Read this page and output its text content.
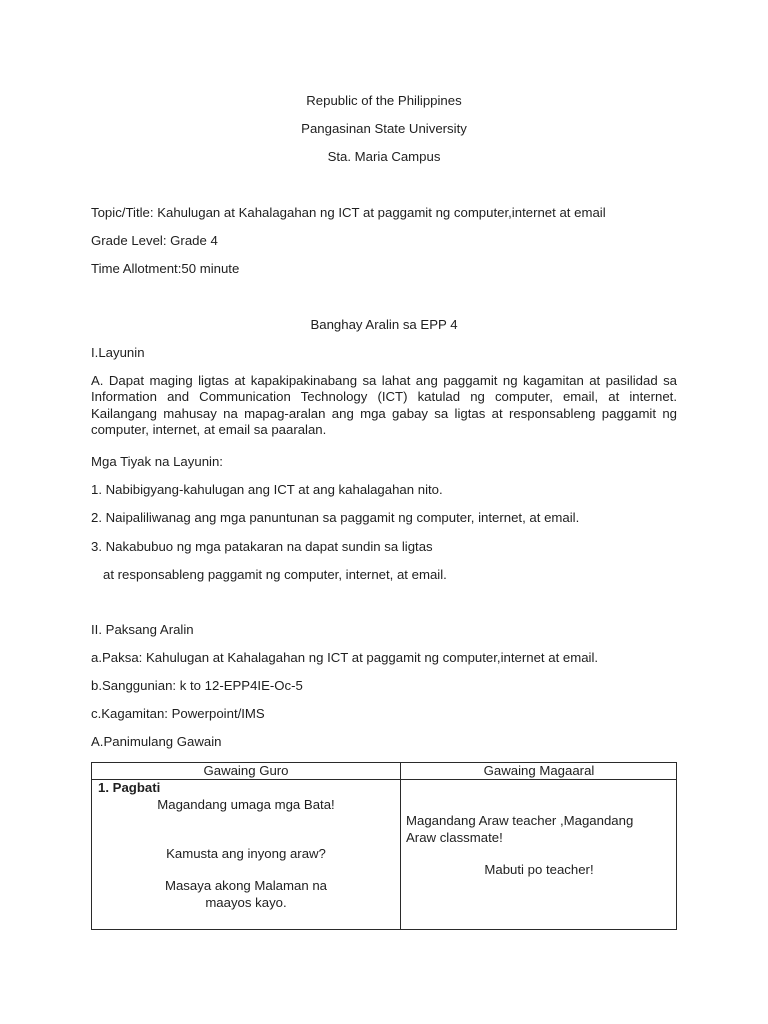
Republic of the Philippines
Pangasinan State University
Sta. Maria Campus
Topic/Title: Kahulugan at Kahalagahan ng ICT at paggamit ng computer,internet at email
Grade Level: Grade 4
Time Allotment:50 minute
Banghay Aralin sa EPP 4
I.Layunin
A. Dapat maging ligtas at kapakipakinabang sa lahat ang paggamit ng kagamitan at pasilidad sa Information and Communication Technology (ICT) katulad ng computer, email, at internet. Kailangang mahusay na mapag-aralan ang mga gabay sa ligtas at responsableng paggamit ng computer, internet, at email sa paaralan.
Mga Tiyak na Layunin:
1. Nabibigyang-kahulugan ang ICT at ang kahalagahan nito.
2. Naipaliliwanag ang mga panuntunan sa paggamit ng computer, internet, at email.
3. Nakabubuo ng mga patakaran na dapat sundin sa ligtas
at responsableng paggamit ng computer, internet, at email.
II. Paksang Aralin
a.Paksa: Kahulugan at Kahalagahan ng ICT at paggamit ng computer,internet at email.
b.Sanggunian: k to 12-EPP4IE-Oc-5
c.Kagamitan: Powerpoint/IMS
A.Panimulang Gawain
Gawaing Guro	Gawaing Magaaral
1. Pagbati
Magandang umaga mga Bata!
Kamusta ang inyong araw?
Masaya akong Malaman na
maayos kayo.
Magandang Araw teacher ,Magandang
Araw classmate!
Mabuti po teacher!
